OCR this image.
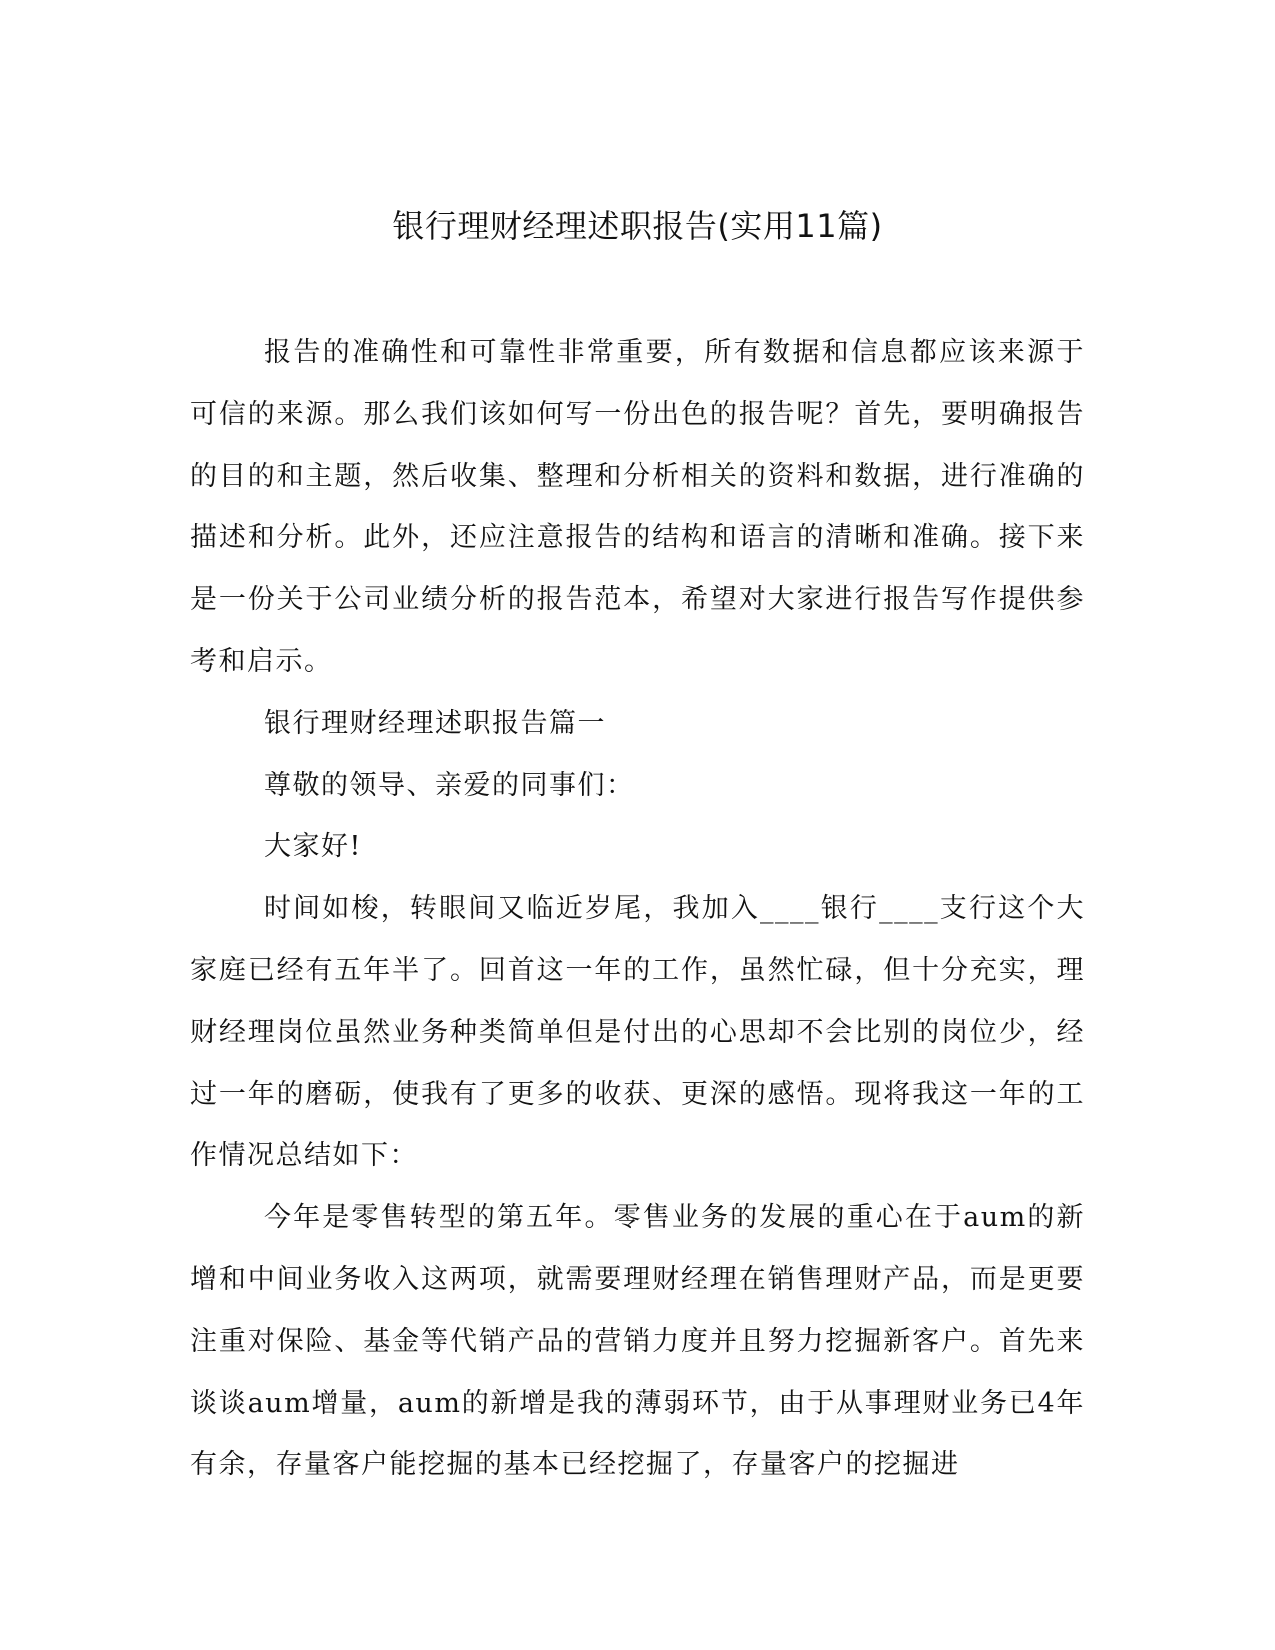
银行理财经理述职报告(实用11篇)

报告的准确性和可靠性非常重要，所有数据和信息都应该来源于可信的来源。那么我们该如何写一份出色的报告呢？首先，要明确报告的目的和主题，然后收集、整理和分析相关的资料和数据，进行准确的描述和分析。此外，还应注意报告的结构和语言的清晰和准确。接下来是一份关于公司业绩分析的报告范本，希望对大家进行报告写作提供参考和启示。

银行理财经理述职报告篇一

尊敬的领导、亲爱的同事们：

大家好!

时间如梭，转眼间又临近岁尾，我加入____银行____支行这个大家庭已经有五年半了。回首这一年的工作，虽然忙碌，但十分充实，理财经理岗位虽然业务种类简单但是付出的心思却不会比别的岗位少，经过一年的磨砺，使我有了更多的收获、更深的感悟。现将我这一年的工作情况总结如下：

今年是零售转型的第五年。零售业务的发展的重心在于aum的新增和中间业务收入这两项，就需要理财经理在销售理财产品，而是更要注重对保险、基金等代销产品的营销力度并且努力挖掘新客户。首先来谈谈aum增量，aum的新增是我的薄弱环节，由于从事理财业务已4年有余，存量客户能挖掘的基本已经挖掘了，存量客户的挖掘进
